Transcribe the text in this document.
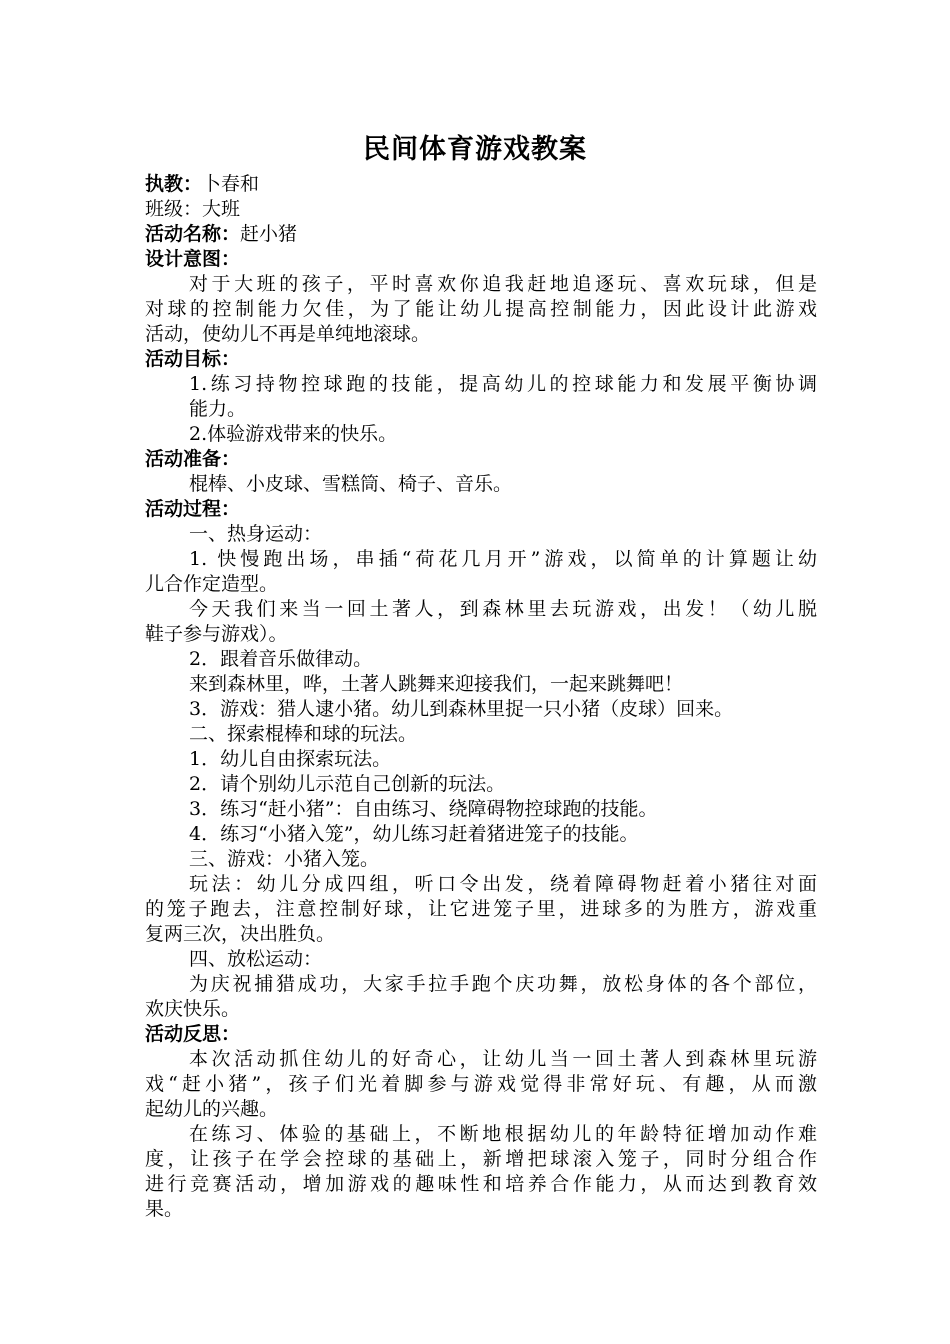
民间体育游戏教案
执教：卜春和
班级：大班
活动名称：赶小猪
设计意图：
对于大班的孩子，平时喜欢你追我赶地追逐玩、喜欢玩球，但是
对球的控制能力欠佳，为了能让幼儿提高控制能力，因此设计此游戏
活动，使幼儿不再是单纯地滚球。
活动目标：
1.练习持物控球跑的技能，提高幼儿的控球能力和发展平衡协调
能力。
2.体验游戏带来的快乐。
活动准备：
棍棒、小皮球、雪糕筒、椅子、音乐。
活动过程：
一、热身运动：
1. 快慢跑出场，串插“荷花几月开”游戏，以简单的计算题让幼
儿合作定造型。
今天我们来当一回土著人，到森林里去玩游戏，出发！（幼儿脱
鞋子参与游戏）。
2．跟着音乐做律动。
来到森林里，哗，土著人跳舞来迎接我们，一起来跳舞吧！
3．游戏：猎人逮小猪。幼儿到森林里捉一只小猪（皮球）回来。
二、探索棍棒和球的玩法。
1．幼儿自由探索玩法。
2．请个别幼儿示范自己创新的玩法。
3．练习“赶小猪”：自由练习、绕障碍物控球跑的技能。
4．练习“小猪入笼”，幼儿练习赶着猪进笼子的技能。
三、游戏：小猪入笼。
玩法：幼儿分成四组，听口令出发，绕着障碍物赶着小猪往对面
的笼子跑去，注意控制好球，让它进笼子里，进球多的为胜方，游戏重
复两三次，决出胜负。
四、放松运动：
为庆祝捕猎成功，大家手拉手跑个庆功舞，放松身体的各个部位，
欢庆快乐。
活动反思：
本次活动抓住幼儿的好奇心，让幼儿当一回土著人到森林里玩游
戏“赶小猪”，孩子们光着脚参与游戏觉得非常好玩、有趣，从而激
起幼儿的兴趣。
在练习、体验的基础上，不断地根据幼儿的年龄特征增加动作难
度，让孩子在学会控球的基础上，新增把球滚入笼子，同时分组合作
进行竞赛活动，增加游戏的趣味性和培养合作能力，从而达到教育效
果。
